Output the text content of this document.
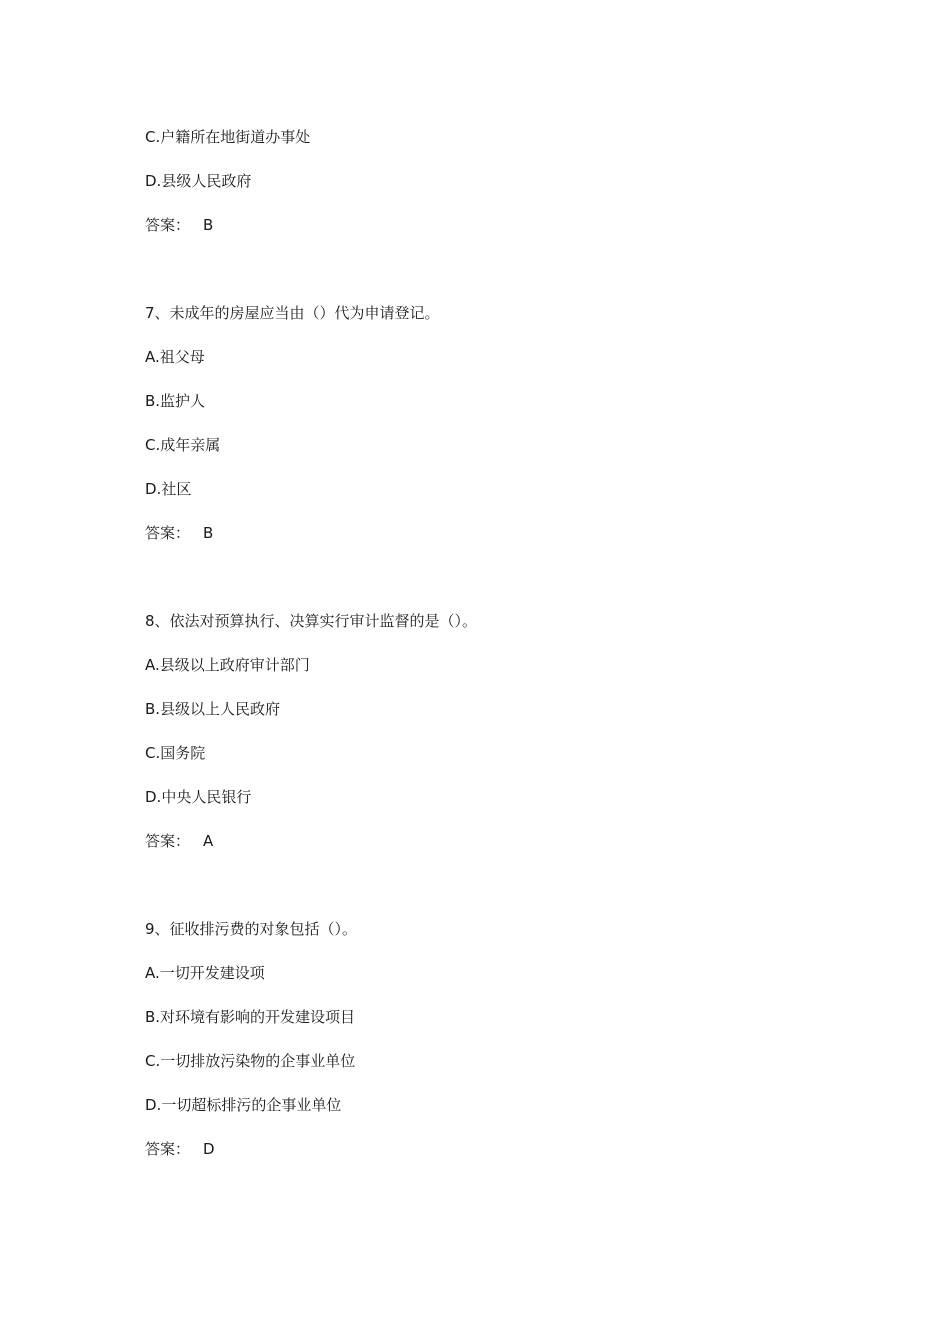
C.户籍所在地街道办事处
D.县级人民政府
答案： B
7、未成年的房屋应当由（）代为申请登记。
A.祖父母
B.监护人
C.成年亲属
D.社区
答案： B
8、依法对预算执行、决算实行审计监督的是（）。
A.县级以上政府审计部门
B.县级以上人民政府
C.国务院
D.中央人民银行
答案： A
9、征收排污费的对象包括（）。
A.一切开发建设项
B.对环境有影响的开发建设项目
C.一切排放污染物的企事业单位
D.一切超标排污的企事业单位
答案： D
